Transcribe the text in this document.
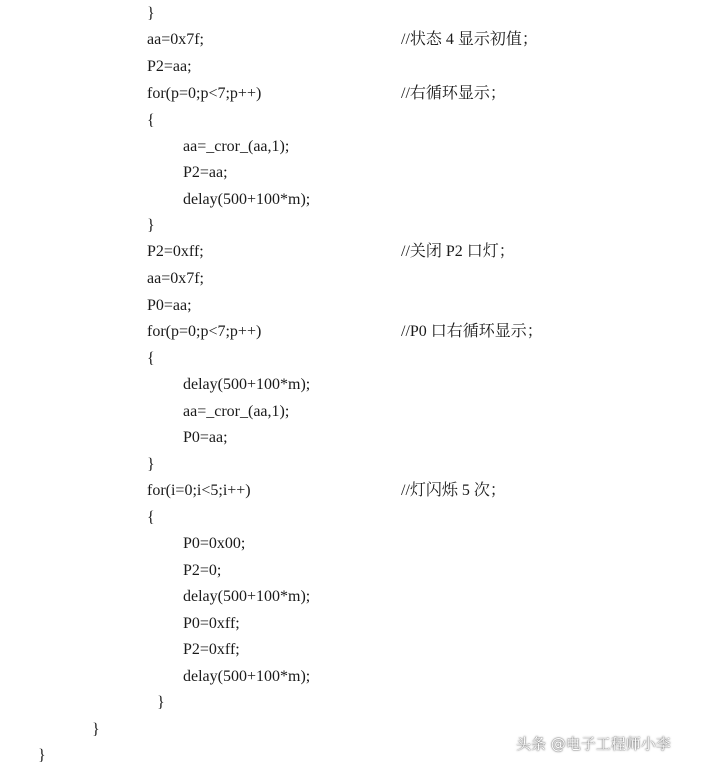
}
aa=0x7f;
P2=aa;
for(p=0;p<7;p++)
{
aa=_cror_(aa,1);
P2=aa;
delay(500+100*m);
}
P2=0xff;
aa=0x7f;
P0=aa;
for(p=0;p<7;p++)
{
delay(500+100*m);
aa=_cror_(aa,1);
P0=aa;
}
for(i=0;i<5;i++)
{
P0=0x00;
P2=0;
delay(500+100*m);
P0=0xff;
P2=0xff;
delay(500+100*m);
}
}
}
//状态 4 显示初值；
//右循环显示；
//关闭 P2 口灯；
//P0 口右循环显示；
//灯闪烁 5 次；
头条 @电子工程师小李
